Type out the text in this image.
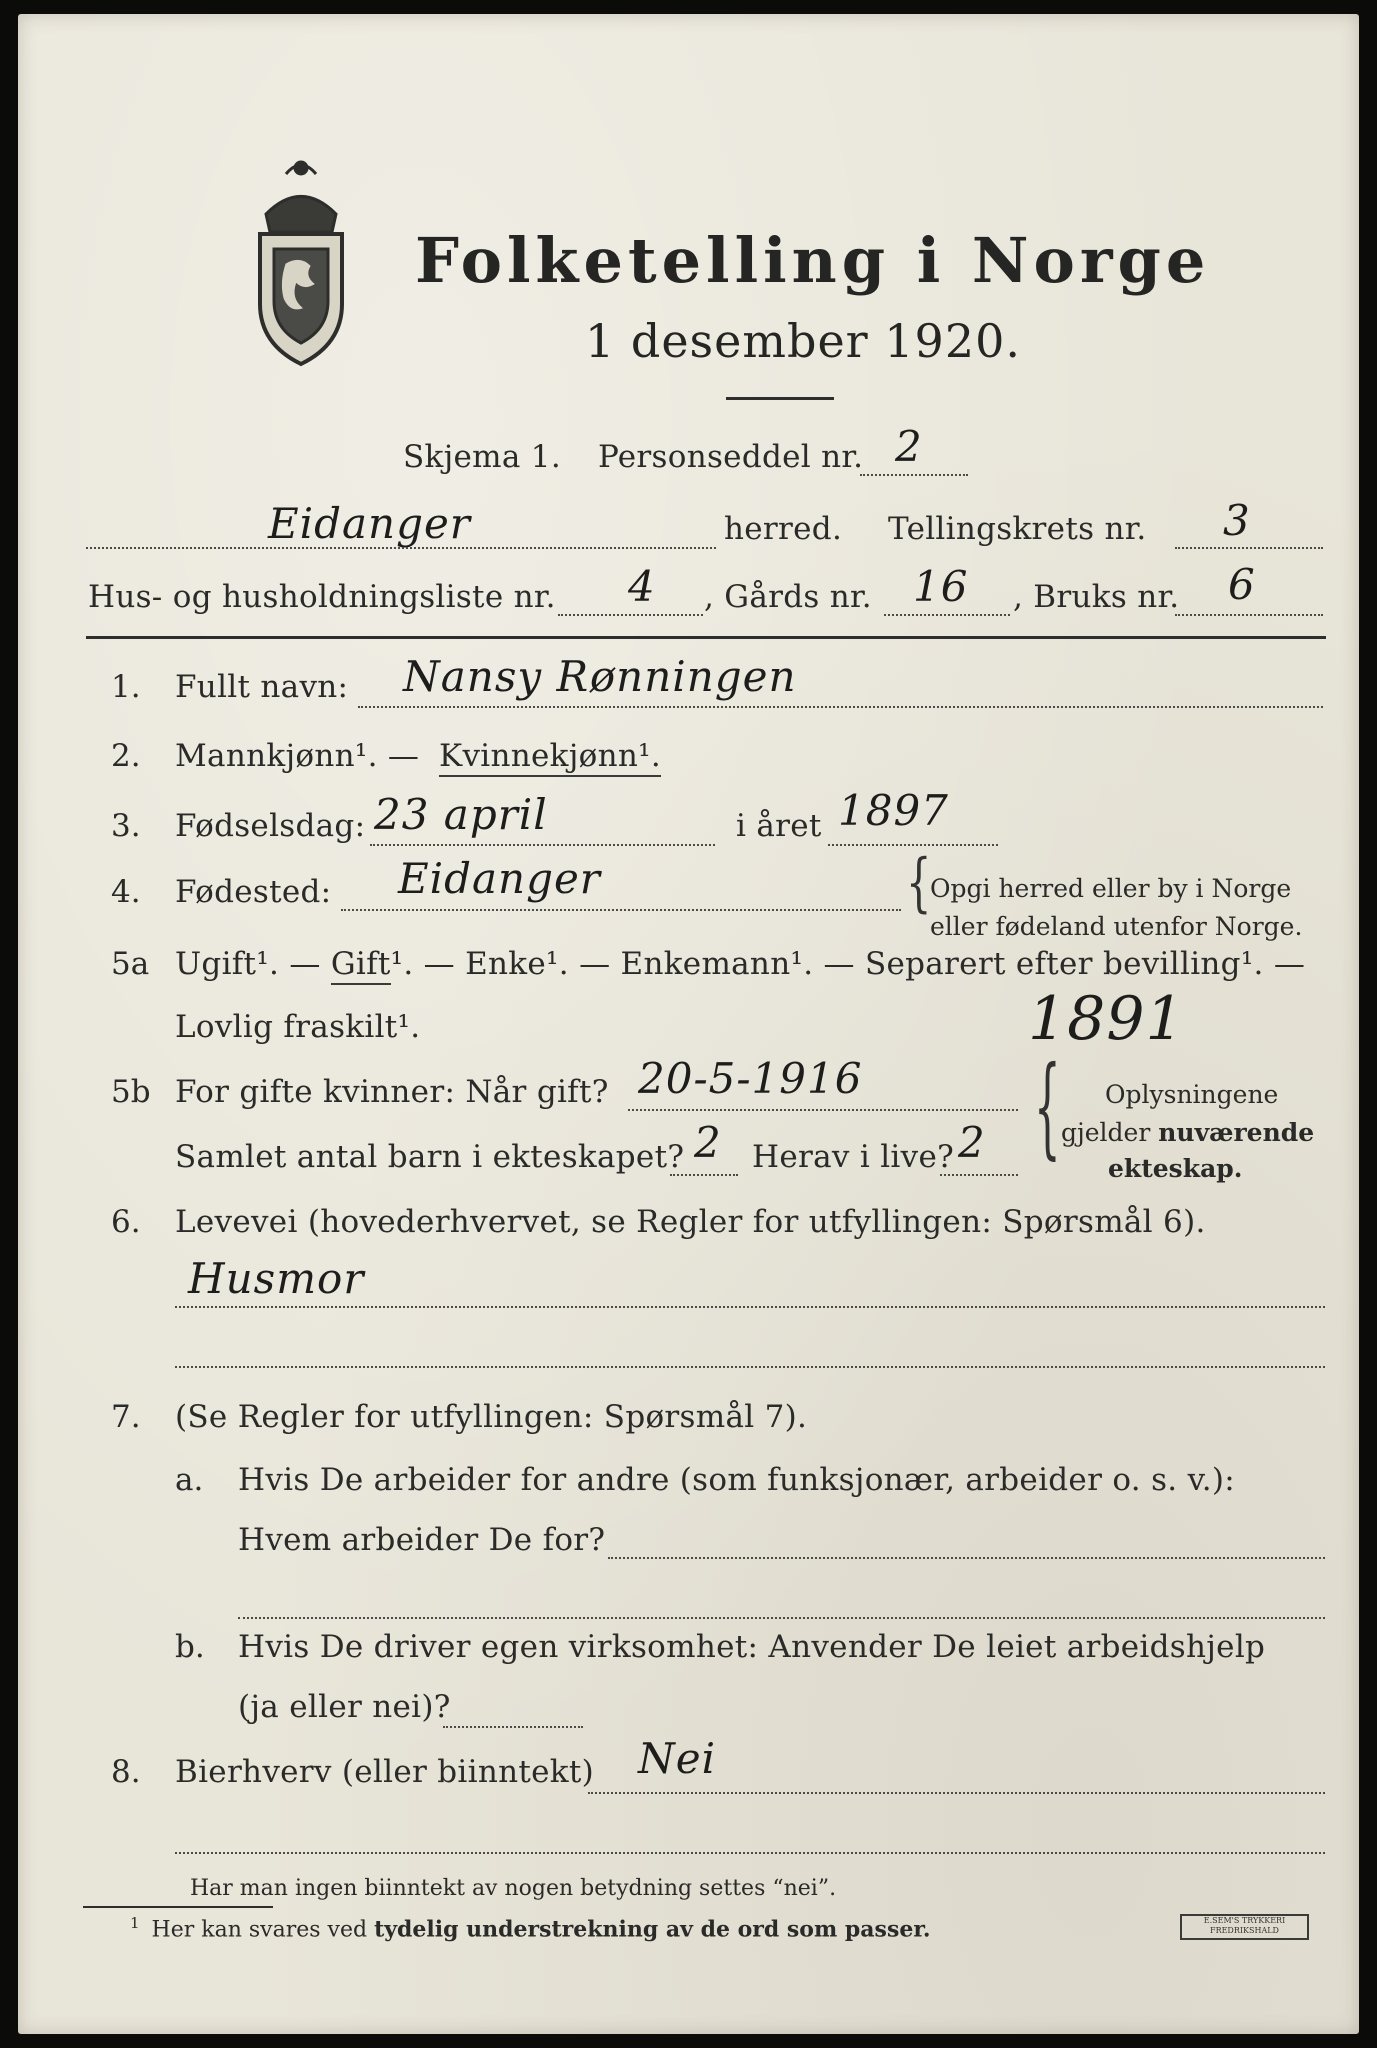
Folketelling i Norge
1 desember 1920.
Skjema 1. Personseddel nr. 2
Eidanger	herred. Tellingskrets nr. 3
Hus- og husholdningsliste nr. 4 , Gårds nr. 16 , Bruks nr. 6
1. Fullt navn: Nansy Rønningen
2. Mannkjønn¹. — Kvinnekjønn¹.
3. Fødselsdag: 23 april	i året 1897
4. Fødested: Eidanger	{
Opgi herred eller by i Norge
eller fødeland utenfor Norge.
5a Ugift¹. — Gift¹. — Enke¹. — Enkemann¹. — Separert efter bevilling¹. —
Lovlig fraskilt¹.	1891
5b For gifte kvinner: Når gift? 20-5-1916
Samlet antal barn i ekteskapet? 2 Herav i live? 2 { Oplysningene
gjelder nuværende
ekteskap.
6. Levevei (hovederhvervet, se Regler for utfyllingen: Spørsmål 6).
Husmor
7. (Se Regler for utfyllingen: Spørsmål 7).
a. Hvis De arbeider for andre (som funksjonær, arbeider o. s. v.):
Hvem arbeider De for?
b. Hvis De driver egen virksomhet: Anvender De leiet arbeidshjelp
(ja eller nei)?
8. Bierhverv (eller biinntekt) Nei
Har man ingen biinntekt av nogen betydning settes “nei”.
$^1$ Her kan svares ved tydelig understrekning av de ord som passer.	E.SEM'S TRYKKERI
FREDRIKSHALD
